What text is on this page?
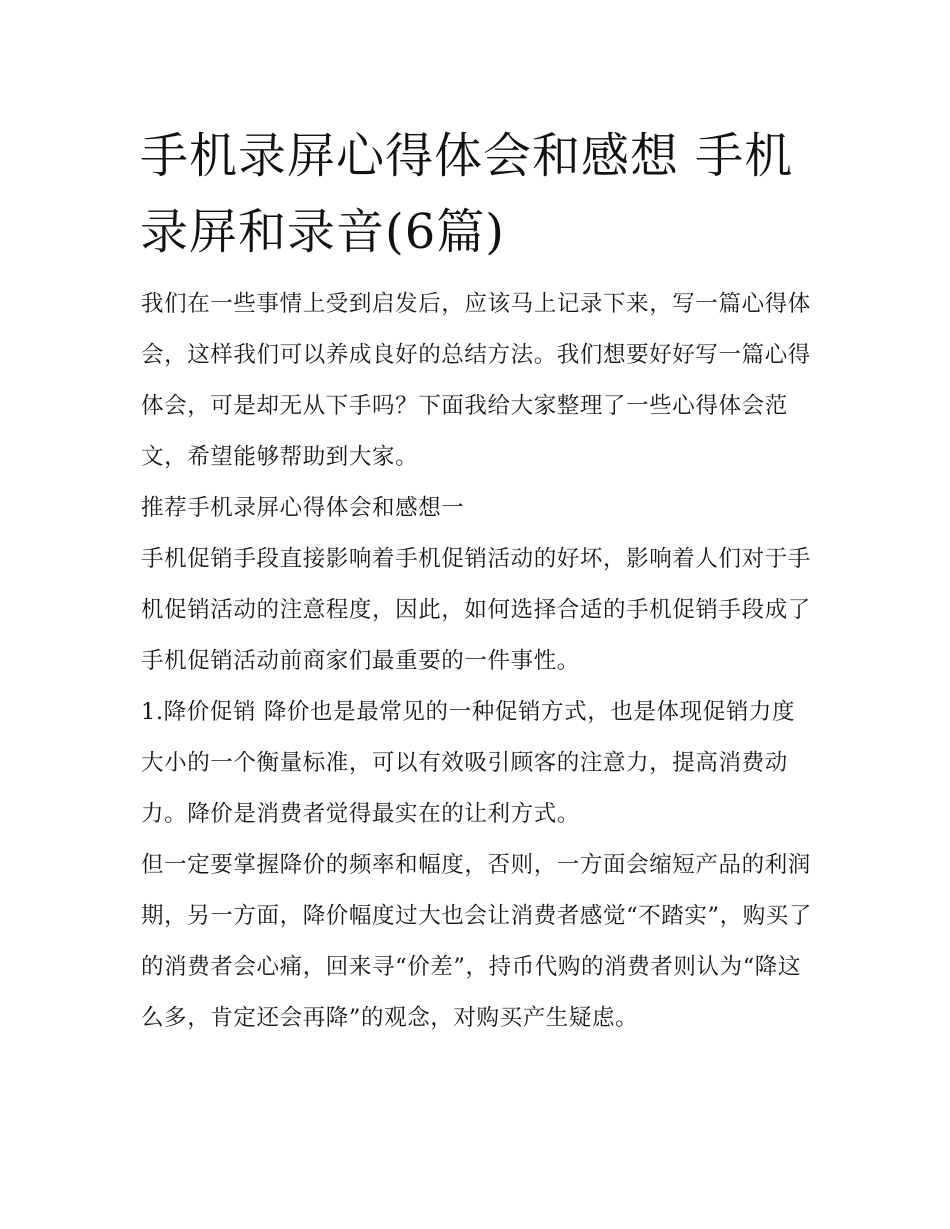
手机录屏心得体会和感想 手机录屏和录音(6篇)

我们在一些事情上受到启发后，应该马上记录下来，写一篇心得体会，这样我们可以养成良好的总结方法。我们想要好好写一篇心得体会，可是却无从下手吗？下面我给大家整理了一些心得体会范文，希望能够帮助到大家。

推荐手机录屏心得体会和感想一

手机促销手段直接影响着手机促销活动的好坏，影响着人们对于手机促销活动的注意程度，因此，如何选择合适的手机促销手段成了手机促销活动前商家们最重要的一件事性。

1.降价促销 降价也是最常见的一种促销方式，也是体现促销力度大小的一个衡量标准，可以有效吸引顾客的注意力，提高消费动力。降价是消费者觉得最实在的让利方式。

但一定要掌握降价的频率和幅度，否则，一方面会缩短产品的利润期，另一方面，降价幅度过大也会让消费者感觉“不踏实”，购买了的消费者会心痛，回来寻“价差”，持币代购的消费者则认为“降这么多，肯定还会再降”的观念，对购买产生疑虑。
